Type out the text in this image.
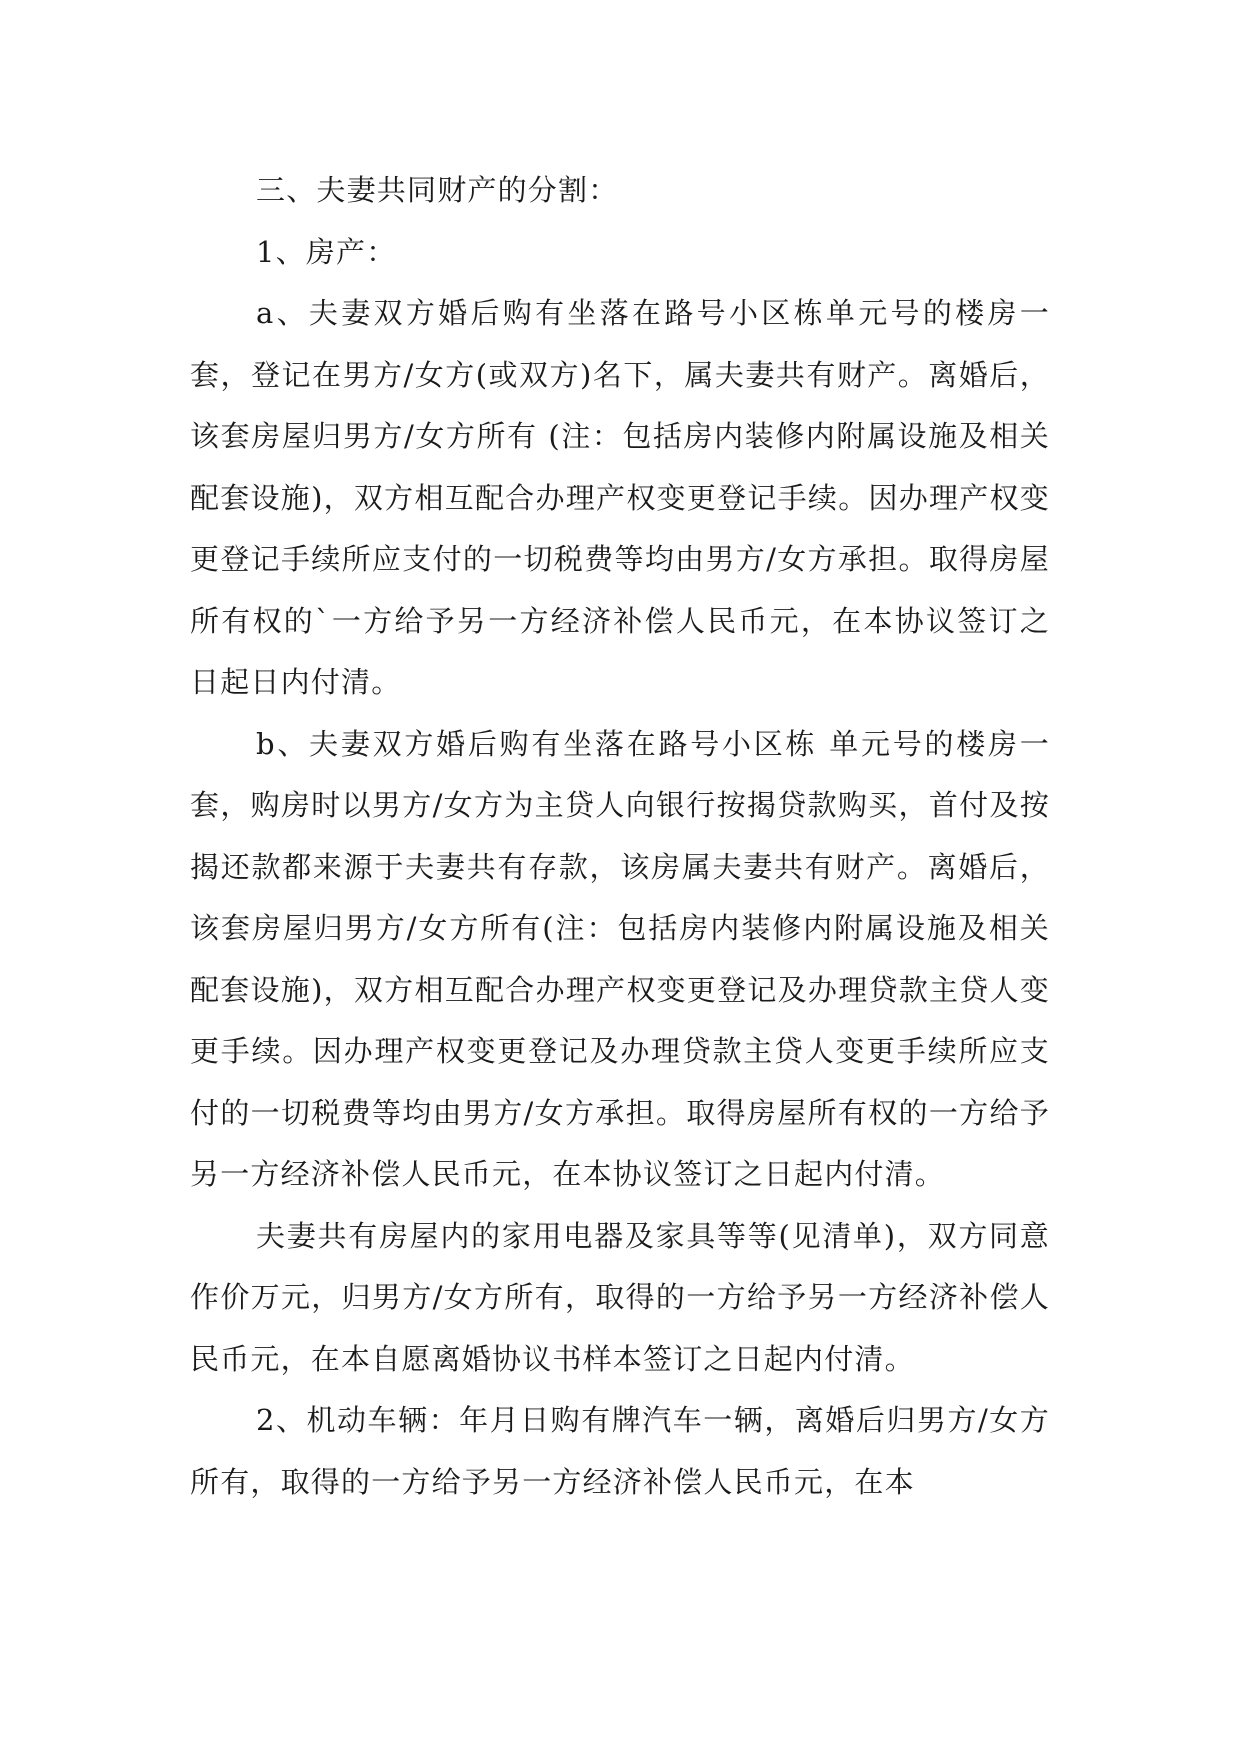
三、夫妻共同财产的分割：

1、房产：

a、夫妻双方婚后购有坐落在路号小区栋单元号的楼房一套，登记在男方/女方(或双方)名下，属夫妻共有财产。离婚后，该套房屋归男方/女方所有 (注：包括房内装修内附属设施及相关配套设施)，双方相互配合办理产权变更登记手续。因办理产权变更登记手续所应支付的一切税费等均由男方/女方承担。取得房屋所有权的`一方给予另一方经济补偿人民币元，在本协议签订之日起日内付清。

b、夫妻双方婚后购有坐落在路号小区栋 单元号的楼房一套，购房时以男方/女方为主贷人向银行按揭贷款购买，首付及按揭还款都来源于夫妻共有存款，该房属夫妻共有财产。离婚后，该套房屋归男方/女方所有(注：包括房内装修内附属设施及相关配套设施)，双方相互配合办理产权变更登记及办理贷款主贷人变更手续。因办理产权变更登记及办理贷款主贷人变更手续所应支付的一切税费等均由男方/女方承担。取得房屋所有权的一方给予另一方经济补偿人民币元，在本协议签订之日起内付清。

夫妻共有房屋内的家用电器及家具等等(见清单)，双方同意作价万元，归男方/女方所有，取得的一方给予另一方经济补偿人民币元，在本自愿离婚协议书样本签订之日起内付清。

2、机动车辆：年月日购有牌汽车一辆，离婚后归男方/女方所有，取得的一方给予另一方经济补偿人民币元，在本
